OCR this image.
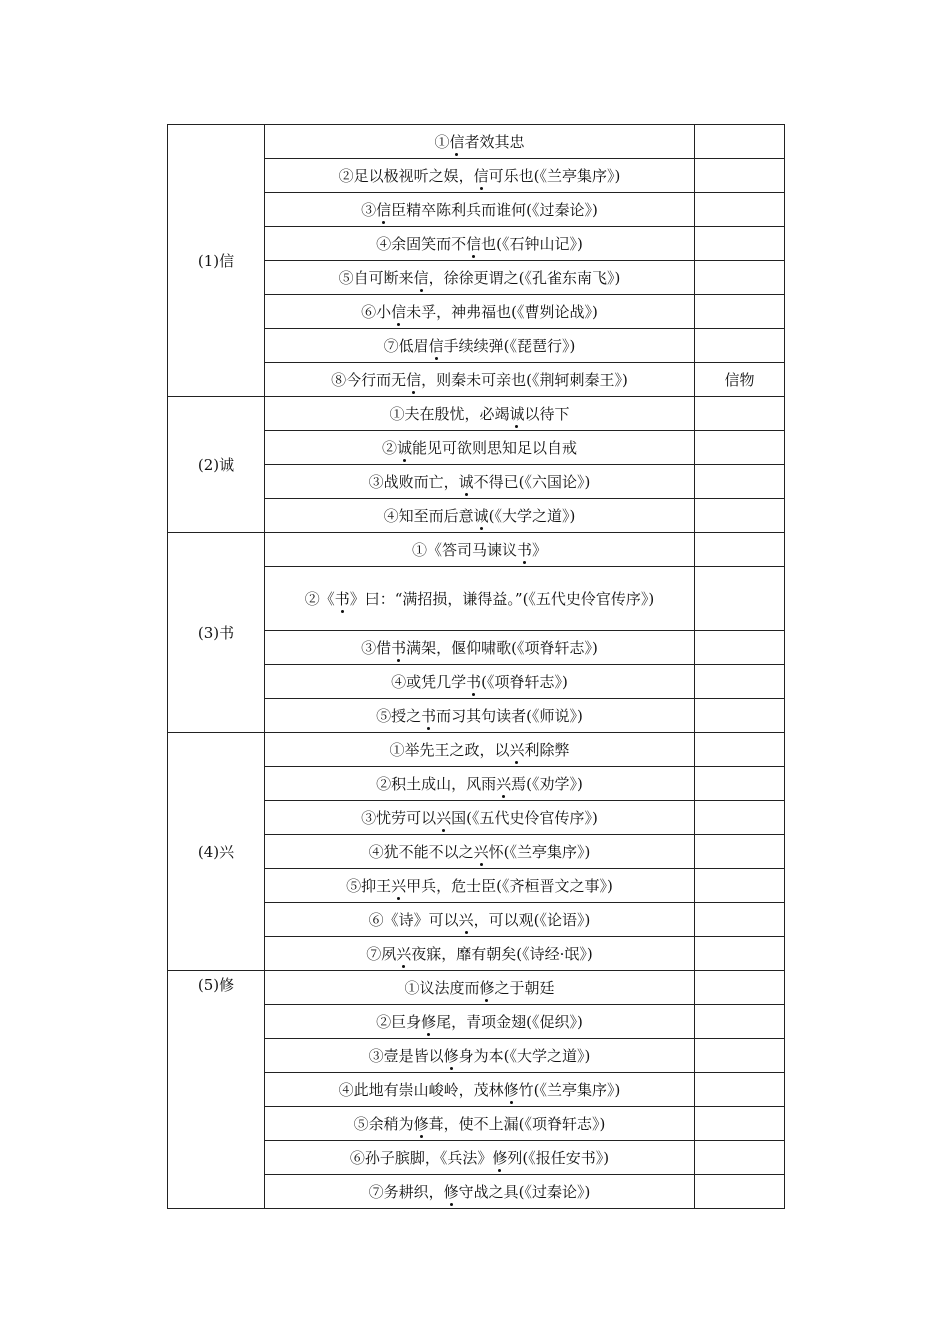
(1)信	①信者效其忠	
	②足以极视听之娱，信可乐也(《兰亭集序》)	
	③信臣精卒陈利兵而谁何(《过秦论》)	
	④余固笑而不信也(《石钟山记》)	
	⑤自可断来信，徐徐更谓之(《孔雀东南飞》)	
	⑥小信未孚，神弗福也(《曹刿论战》)	
	⑦低眉信手续续弹(《琵琶行》)	
	⑧今行而无信，则秦未可亲也(《荆轲刺秦王》)	信物
(2)诚	①夫在殷忧，必竭诚以待下	
	②诚能见可欲则思知足以自戒	
	③战败而亡，诚不得已(《六国论》)	
	④知至而后意诚(《大学之道》)	
(3)书	①《答司马谏议书》	
	②《书》曰：“满招损，谦得益。”(《五代史伶官传序》)	
	③借书满架，偃仰啸歌(《项脊轩志》)	
	④或凭几学书(《项脊轩志》)	
	⑤授之书而习其句读者(《师说》)	
(4)兴	①举先王之政，以兴利除弊	
	②积土成山，风雨兴焉(《劝学》)	
	③忧劳可以兴国(《五代史伶官传序》)	
	④犹不能不以之兴怀(《兰亭集序》)	
	⑤抑王兴甲兵，危士臣(《齐桓晋文之事》)	
	⑥《诗》可以兴，可以观(《论语》)	
	⑦夙兴夜寐，靡有朝矣(《诗经·氓》)	
(5)修	①议法度而修之于朝廷	
	②巨身修尾，青项金翅(《促织》)	
	③壹是皆以修身为本(《大学之道》)	
	④此地有崇山峻岭，茂林修竹(《兰亭集序》)	
	⑤余稍为修葺，使不上漏(《项脊轩志》)	
	⑥孙子膑脚，《兵法》修列(《报任安书》)	
	⑦务耕织，修守战之具(《过秦论》)	
